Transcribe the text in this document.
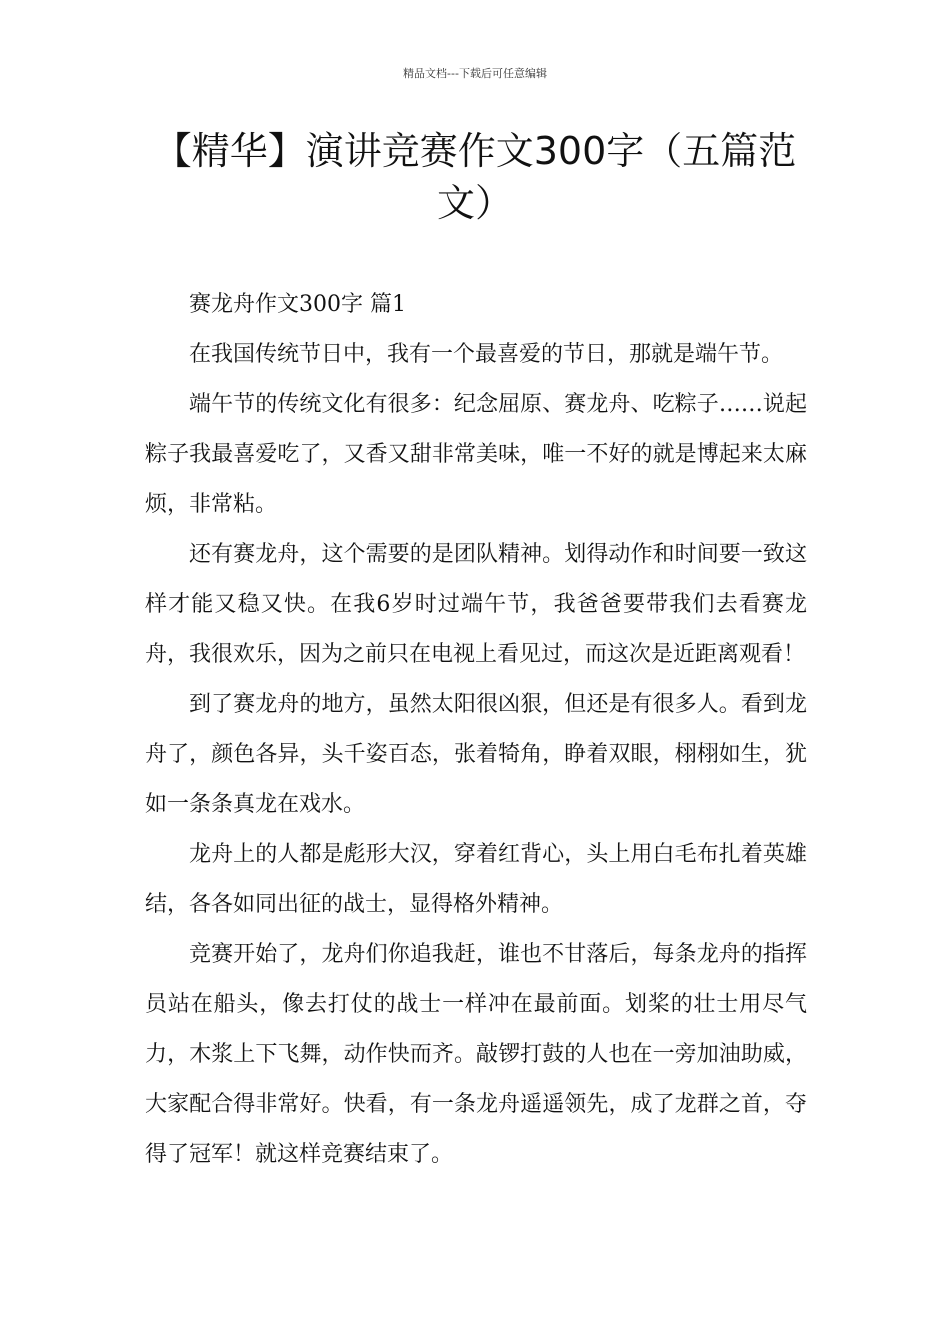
精品文档---下载后可任意编辑
【精华】演讲竞赛作文300字（五篇范文）

赛龙舟作文300字 篇1

在我国传统节日中，我有一个最喜爱的节日，那就是端午节。

端午节的传统文化有很多：纪念屈原、赛龙舟、吃粽子……说起粽子我最喜爱吃了，又香又甜非常美味，唯一不好的就是博起来太麻烦，非常粘。

还有赛龙舟，这个需要的是团队精神。划得动作和时间要一致这样才能又稳又快。在我6岁时过端午节，我爸爸要带我们去看赛龙舟，我很欢乐，因为之前只在电视上看见过，而这次是近距离观看！

到了赛龙舟的地方，虽然太阳很凶狠，但还是有很多人。看到龙舟了，颜色各异，头千姿百态，张着犄角，睁着双眼，栩栩如生，犹如一条条真龙在戏水。

龙舟上的人都是彪形大汉，穿着红背心，头上用白毛布扎着英雄结，各各如同出征的战士，显得格外精神。

竞赛开始了，龙舟们你追我赶，谁也不甘落后，每条龙舟的指挥员站在船头，像去打仗的战士一样冲在最前面。划桨的壮士用尽气力，木浆上下飞舞，动作快而齐。敲锣打鼓的人也在一旁加油助威，大家配合得非常好。快看，有一条龙舟遥遥领先，成了龙群之首，夺得了冠军！就这样竞赛结束了。
